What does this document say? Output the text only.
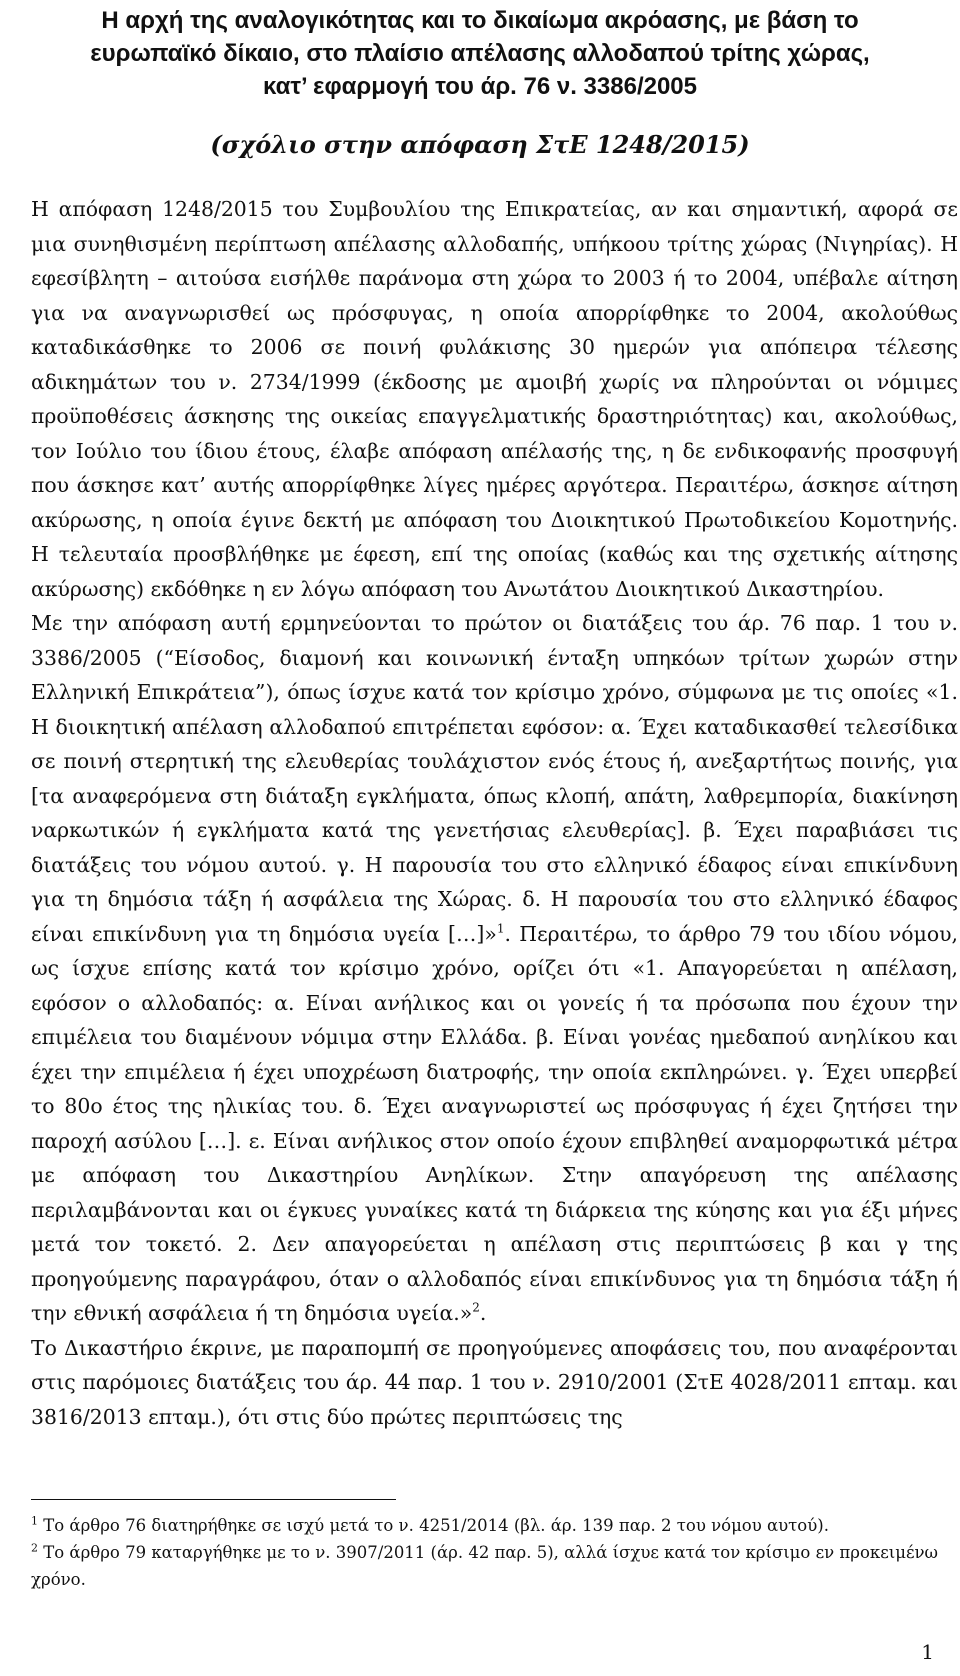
Η αρχή της αναλογικότητας και το δικαίωμα ακρόασης, με βάση το
ευρωπαϊκό δίκαιο, στο πλαίσιο απέλασης αλλοδαπού τρίτης χώρας,
κατ’ εφαρμογή του άρ. 76 ν. 3386/2005
(σχόλιο στην απόφαση ΣτΕ 1248/2015)

Η απόφαση 1248/2015 του Συμβουλίου της Επικρατείας, αν και σημαντική, αφορά σε μια συνηθισμένη περίπτωση απέλασης αλλοδαπής, υπήκοου τρίτης χώρας (Νιγηρίας). Η εφεσίβλητη – αιτούσα εισήλθε παράνομα στη χώρα το 2003 ή το 2004, υπέβαλε αίτηση για να αναγνωρισθεί ως πρόσφυγας, η οποία απορρίφθηκε το 2004, ακολούθως καταδικάσθηκε το 2006 σε ποινή φυλάκισης 30 ημερών για απόπειρα τέλεσης αδικημάτων του ν. 2734/1999 (έκδοσης με αμοιβή χωρίς να πληρούνται οι νόμιμες προϋποθέσεις άσκησης της οικείας επαγγελματικής δραστηριότητας) και, ακολούθως, τον Ιούλιο του ίδιου έτους, έλαβε απόφαση απέλασής της, η δε ενδικοφανής προσφυγή που άσκησε κατ’ αυτής απορρίφθηκε λίγες ημέρες αργότερα. Περαιτέρω, άσκησε αίτηση ακύρωσης, η οποία έγινε δεκτή με απόφαση του Διοικητικού Πρωτοδικείου Κομοτηνής. Η τελευταία προσβλήθηκε με έφεση, επί της οποίας (καθώς και της σχετικής αίτησης ακύρωσης) εκδόθηκε η εν λόγω απόφαση του Ανωτάτου Διοικητικού Δικαστηρίου.

Με την απόφαση αυτή ερμηνεύονται το πρώτον οι διατάξεις του άρ. 76 παρ. 1 του ν. 3386/2005 (“Είσοδος, διαμονή και κοινωνική ένταξη υπηκόων τρίτων χωρών στην Ελληνική Επικράτεια”), όπως ίσχυε κατά τον κρίσιμο χρόνο, σύμφωνα με τις οποίες «1. Η διοικητική απέλαση αλλοδαπού επιτρέπεται εφόσον: α. Έχει καταδικασθεί τελεσίδικα σε ποινή στερητική της ελευθερίας τουλάχιστον ενός έτους ή, ανεξαρτήτως ποινής, για [τα αναφερόμενα στη διάταξη εγκλήματα, όπως κλοπή, απάτη, λαθρεμπορία, διακίνηση ναρκωτικών ή εγκλήματα κατά της γενετήσιας ελευθερίας]. β. Έχει παραβιάσει τις διατάξεις του νόμου αυτού. γ. Η παρουσία του στο ελληνικό έδαφος είναι επικίνδυνη για τη δημόσια τάξη ή ασφάλεια της Χώρας. δ. Η παρουσία του στο ελληνικό έδαφος είναι επικίνδυνη για τη δημόσια υγεία […]»$^1$. Περαιτέρω, το άρθρο 79 του ιδίου νόμου, ως ίσχυε επίσης κατά τον κρίσιμο χρόνο, ορίζει ότι «1. Απαγορεύεται η απέλαση, εφόσον ο αλλοδαπός: α. Είναι ανήλικος και οι γονείς ή τα πρόσωπα που έχουν την επιμέλεια του διαμένουν νόμιμα στην Ελλάδα. β. Είναι γονέας ημεδαπού ανηλίκου και έχει την επιμέλεια ή έχει υποχρέωση διατροφής, την οποία εκπληρώνει. γ. Έχει υπερβεί το 80ο έτος της ηλικίας του. δ. Έχει αναγνωριστεί ως πρόσφυγας ή έχει ζητήσει την παροχή ασύλου […]. ε. Είναι ανήλικος στον οποίο έχουν επιβληθεί αναμορφωτικά μέτρα με απόφαση του Δικαστηρίου Ανηλίκων. Στην απαγόρευση της απέλασης περιλαμβάνονται και οι έγκυες γυναίκες κατά τη διάρκεια της κύησης και για έξι μήνες μετά τον τοκετό. 2. Δεν απαγορεύεται η απέλαση στις περιπτώσεις β και γ της προηγούμενης παραγράφου, όταν ο αλλοδαπός είναι επικίνδυνος για τη δημόσια τάξη ή την εθνική ασφάλεια ή τη δημόσια υγεία.»$^2$.

Το Δικαστήριο έκρινε, με παραπομπή σε προηγούμενες αποφάσεις του, που αναφέρονται στις παρόμοιες διατάξεις του άρ. 44 παρ. 1 του ν. 2910/2001 (ΣτΕ 4028/2011 επταμ. και 3816/2013 επταμ.), ότι στις δύο πρώτες περιπτώσεις της

$^1$ Το άρθρο 76 διατηρήθηκε σε ισχύ μετά το ν. 4251/2014 (βλ. άρ. 139 παρ. 2 του νόμου αυτού).

$^2$ Το άρθρο 79 καταργήθηκε με το ν. 3907/2011 (άρ. 42 παρ. 5), αλλά ίσχυε κατά τον κρίσιμο εν προκειμένω χρόνο.

1
